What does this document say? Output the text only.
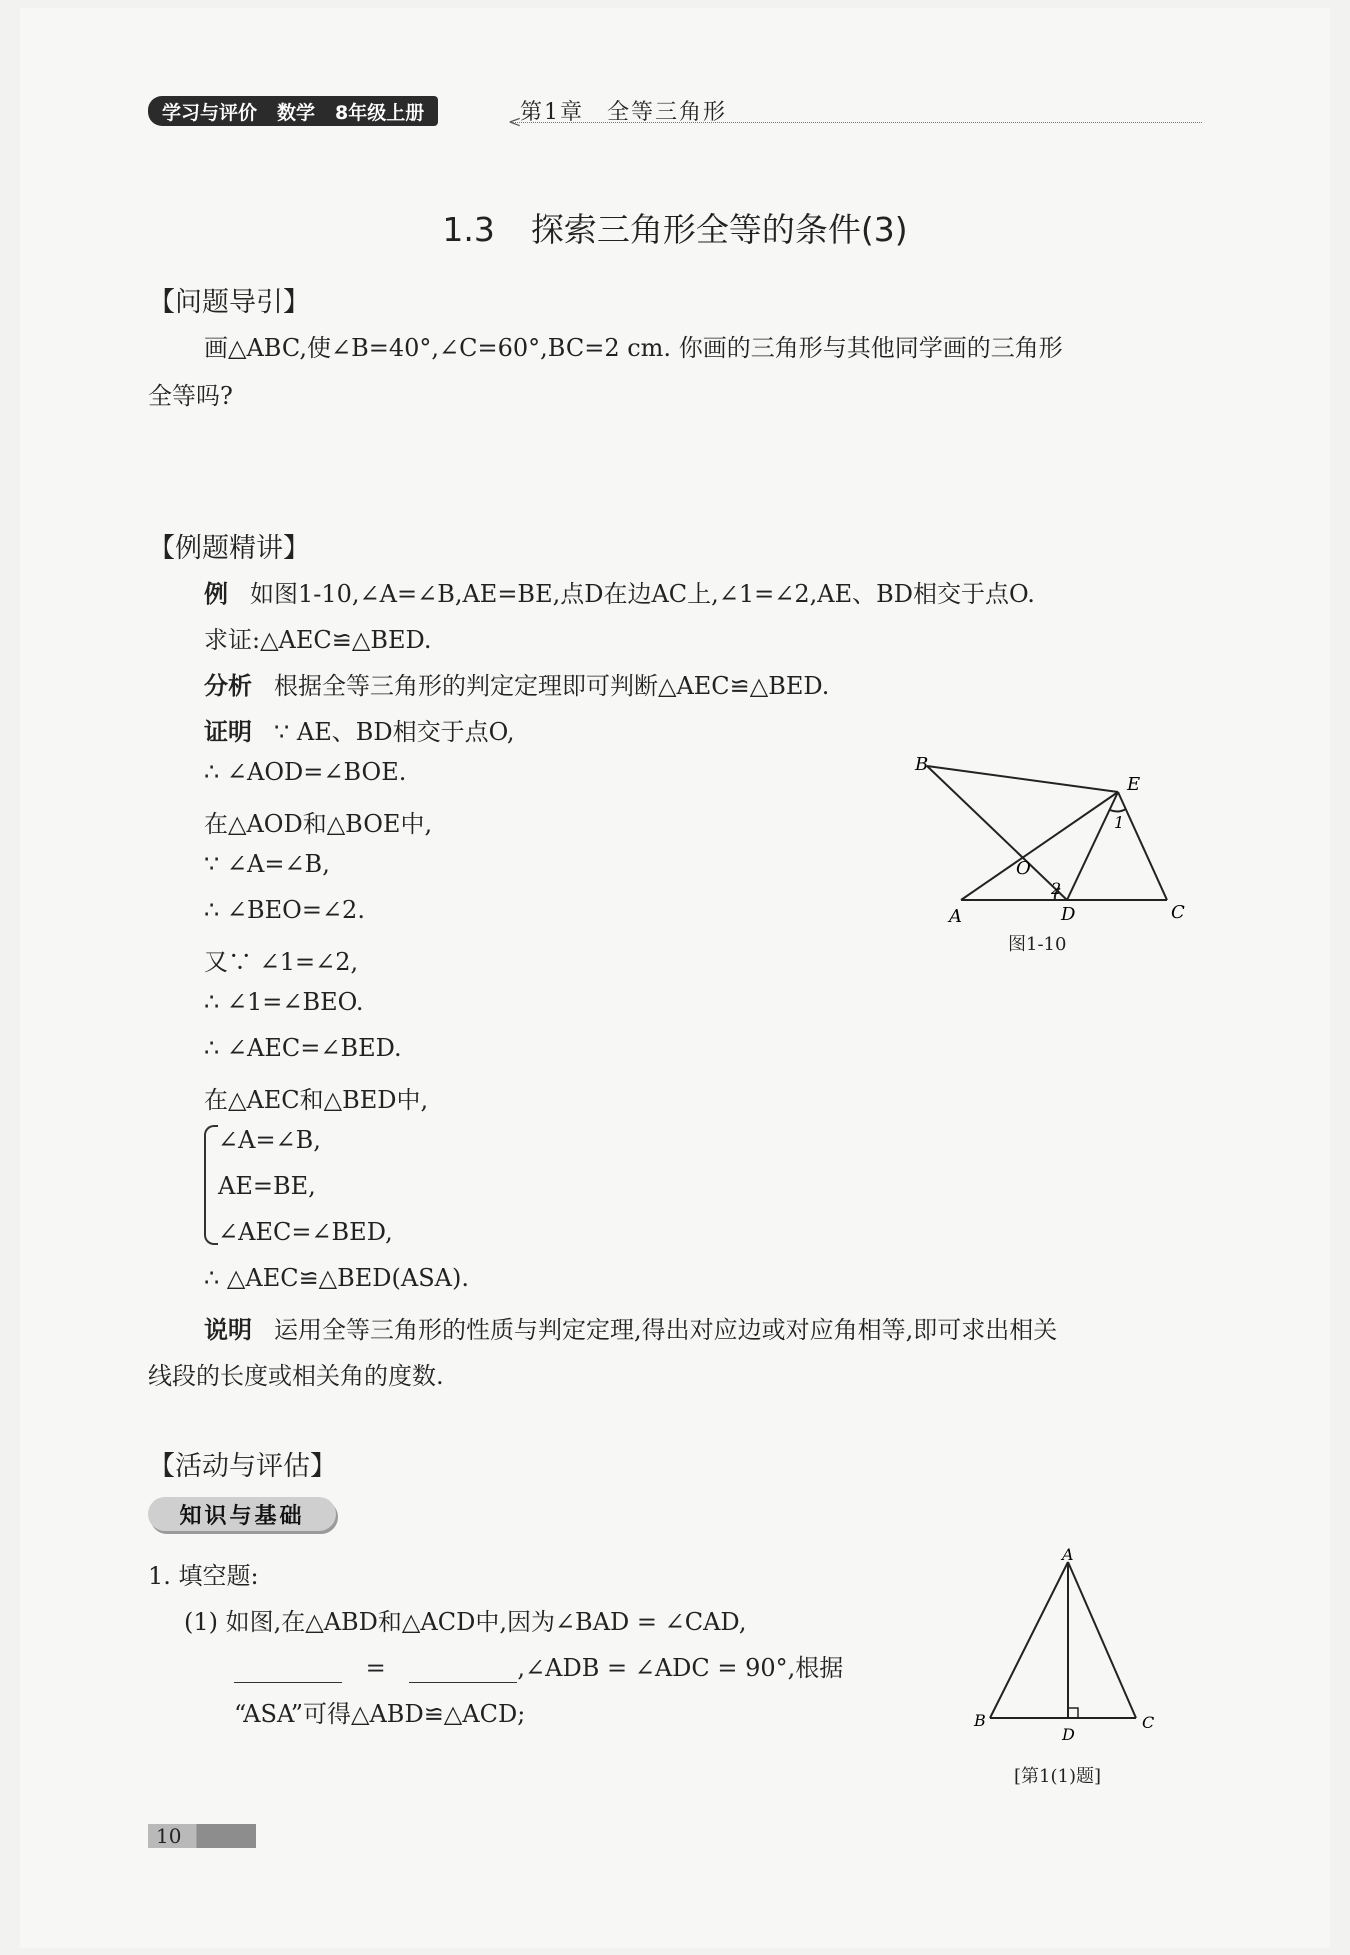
学习与评价 数学 8年级上册	第1章 全等三角形
<
1.3 探索三角形全等的条件(3)
【问题导引】
画△ABC,使∠B=40°,∠C=60°,BC=2 cm. 你画的三角形与其他同学画的三角形
全等吗?
【例题精讲】
例 如图1-10,∠A=∠B,AE=BE,点D在边AC上,∠1=∠2,AE、BD相交于点O.
求证:△AEC≌△BED.
分析 根据全等三角形的判定定理即可判断△AEC≌△BED.
证明 ∵ AE、BD相交于点O,
∴ ∠AOD=∠BOE.
在△AOD和△BOE中,
∵ ∠A=∠B,
∴ ∠BEO=∠2.
又∵ ∠1=∠2,
∴ ∠1=∠BEO.
∴ ∠AEC=∠BED.
在△AEC和△BED中,
∠A=∠B,
AE=BE,
∠AEC=∠BED,
∴ △AEC≌△BED(ASA).
说明 运用全等三角形的性质与判定定理,得出对应边或对应角相等,即可求出相关
线段的长度或相关角的度数.
B
E
O
A	D	C
1
2
图1-10
【活动与评估】
知识与基础
1. 填空题:
(1) 如图,在△ABD和△ACD中,因为∠BAD = ∠CAD,
=	,∠ADB = ∠ADC = 90°,根据
“ASA”可得△ABD≌△ACD;
A
B
D
C
[第1(1)题]
10
